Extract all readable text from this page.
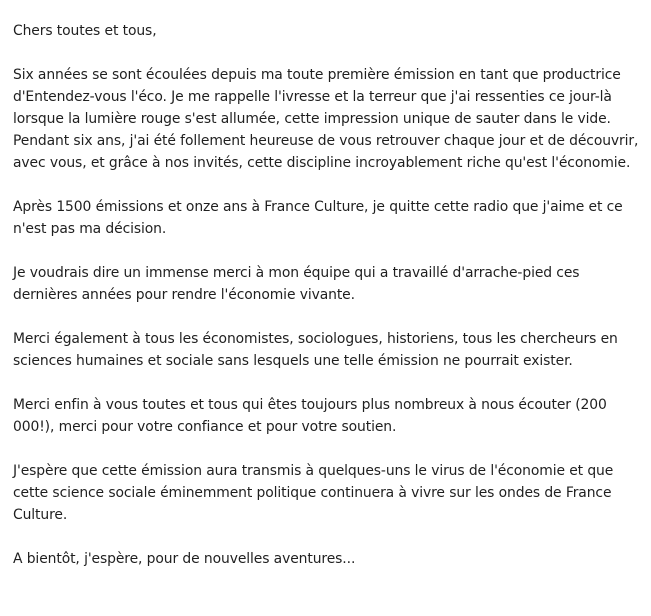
Chers toutes et tous,

Six années se sont écoulées depuis ma toute première émission en tant que productrice d'Entendez-vous l'éco. Je me rappelle l'ivresse et la terreur que j'ai ressenties ce jour-là lorsque la lumière rouge s'est allumée, cette impression unique de sauter dans le vide. Pendant six ans, j'ai été follement heureuse de vous retrouver chaque jour et de découvrir, avec vous, et grâce à nos invités, cette discipline incroyablement riche qu'est l'économie.

Après 1500 émissions et onze ans à France Culture, je quitte cette radio que j'aime et ce n'est pas ma décision.

Je voudrais dire un immense merci à mon équipe qui a travaillé d'arrache-pied ces dernières années pour rendre l'économie vivante.

Merci également à tous les économistes, sociologues, historiens, tous les chercheurs en sciences humaines et sociale sans lesquels une telle émission ne pourrait exister.

Merci enfin à vous toutes et tous qui êtes toujours plus nombreux à nous écouter (200 000!), merci pour votre confiance et pour votre soutien.

J'espère que cette émission aura transmis à quelques-uns le virus de l'économie et que cette science sociale éminemment politique continuera à vivre sur les ondes de France Culture.

A bientôt, j'espère, pour de nouvelles aventures...
